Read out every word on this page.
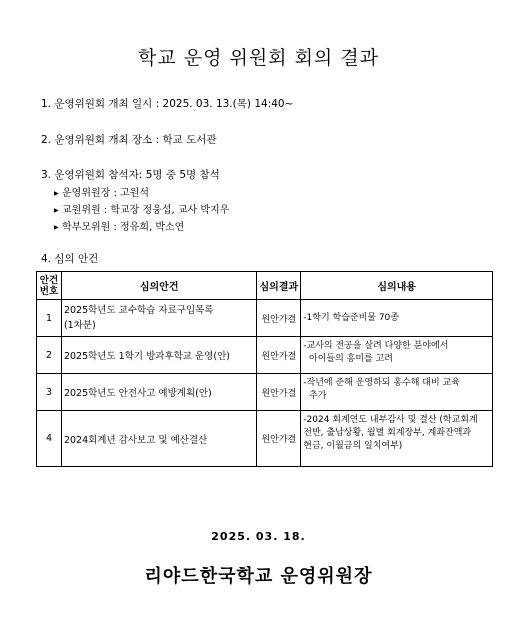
학교 운영 위원회 회의 결과
1. 운영위원회 개최 일시 : 2025. 03. 13.(목) 14:40~
2. 운영위원회 개최 장소 : 학교 도서관
3. 운영위원회 참석자: 5명 중 5명 참석
▶ 운영위원장 : 고원석
▶ 교원위원 : 학교장 정웅섭, 교사 박지우
▶ 학부모위원 : 정유희, 박소연
4. 심의 안건
안건
번호	심의안건	심의결과	심의내용
1	2025학년도 교수학습 자료구입목록
(1차분)	원안가결	-1학기 학습준비물 70종
2	2025학년도 1학기 방과후학교 운영(안)	원안가결	-교사의 전공을 살려 다양한 분야에서
아이들의 흥미를 고려
3	2025학년도 안전사고 예방계획(안)	원안가결	-작년에 준해 운영하되 홍수해 대비 교육
추가
4	2024회계년 감사보고 및 예산결산	원안가결	-2024 회계연도 내부감사 및 결산 (학교회계
전반, 출납상황, 월별 회계장부, 계좌잔액과
현금, 이월금의 일치여부)
2025. 03. 18.
리야드한국학교 운영위원장
